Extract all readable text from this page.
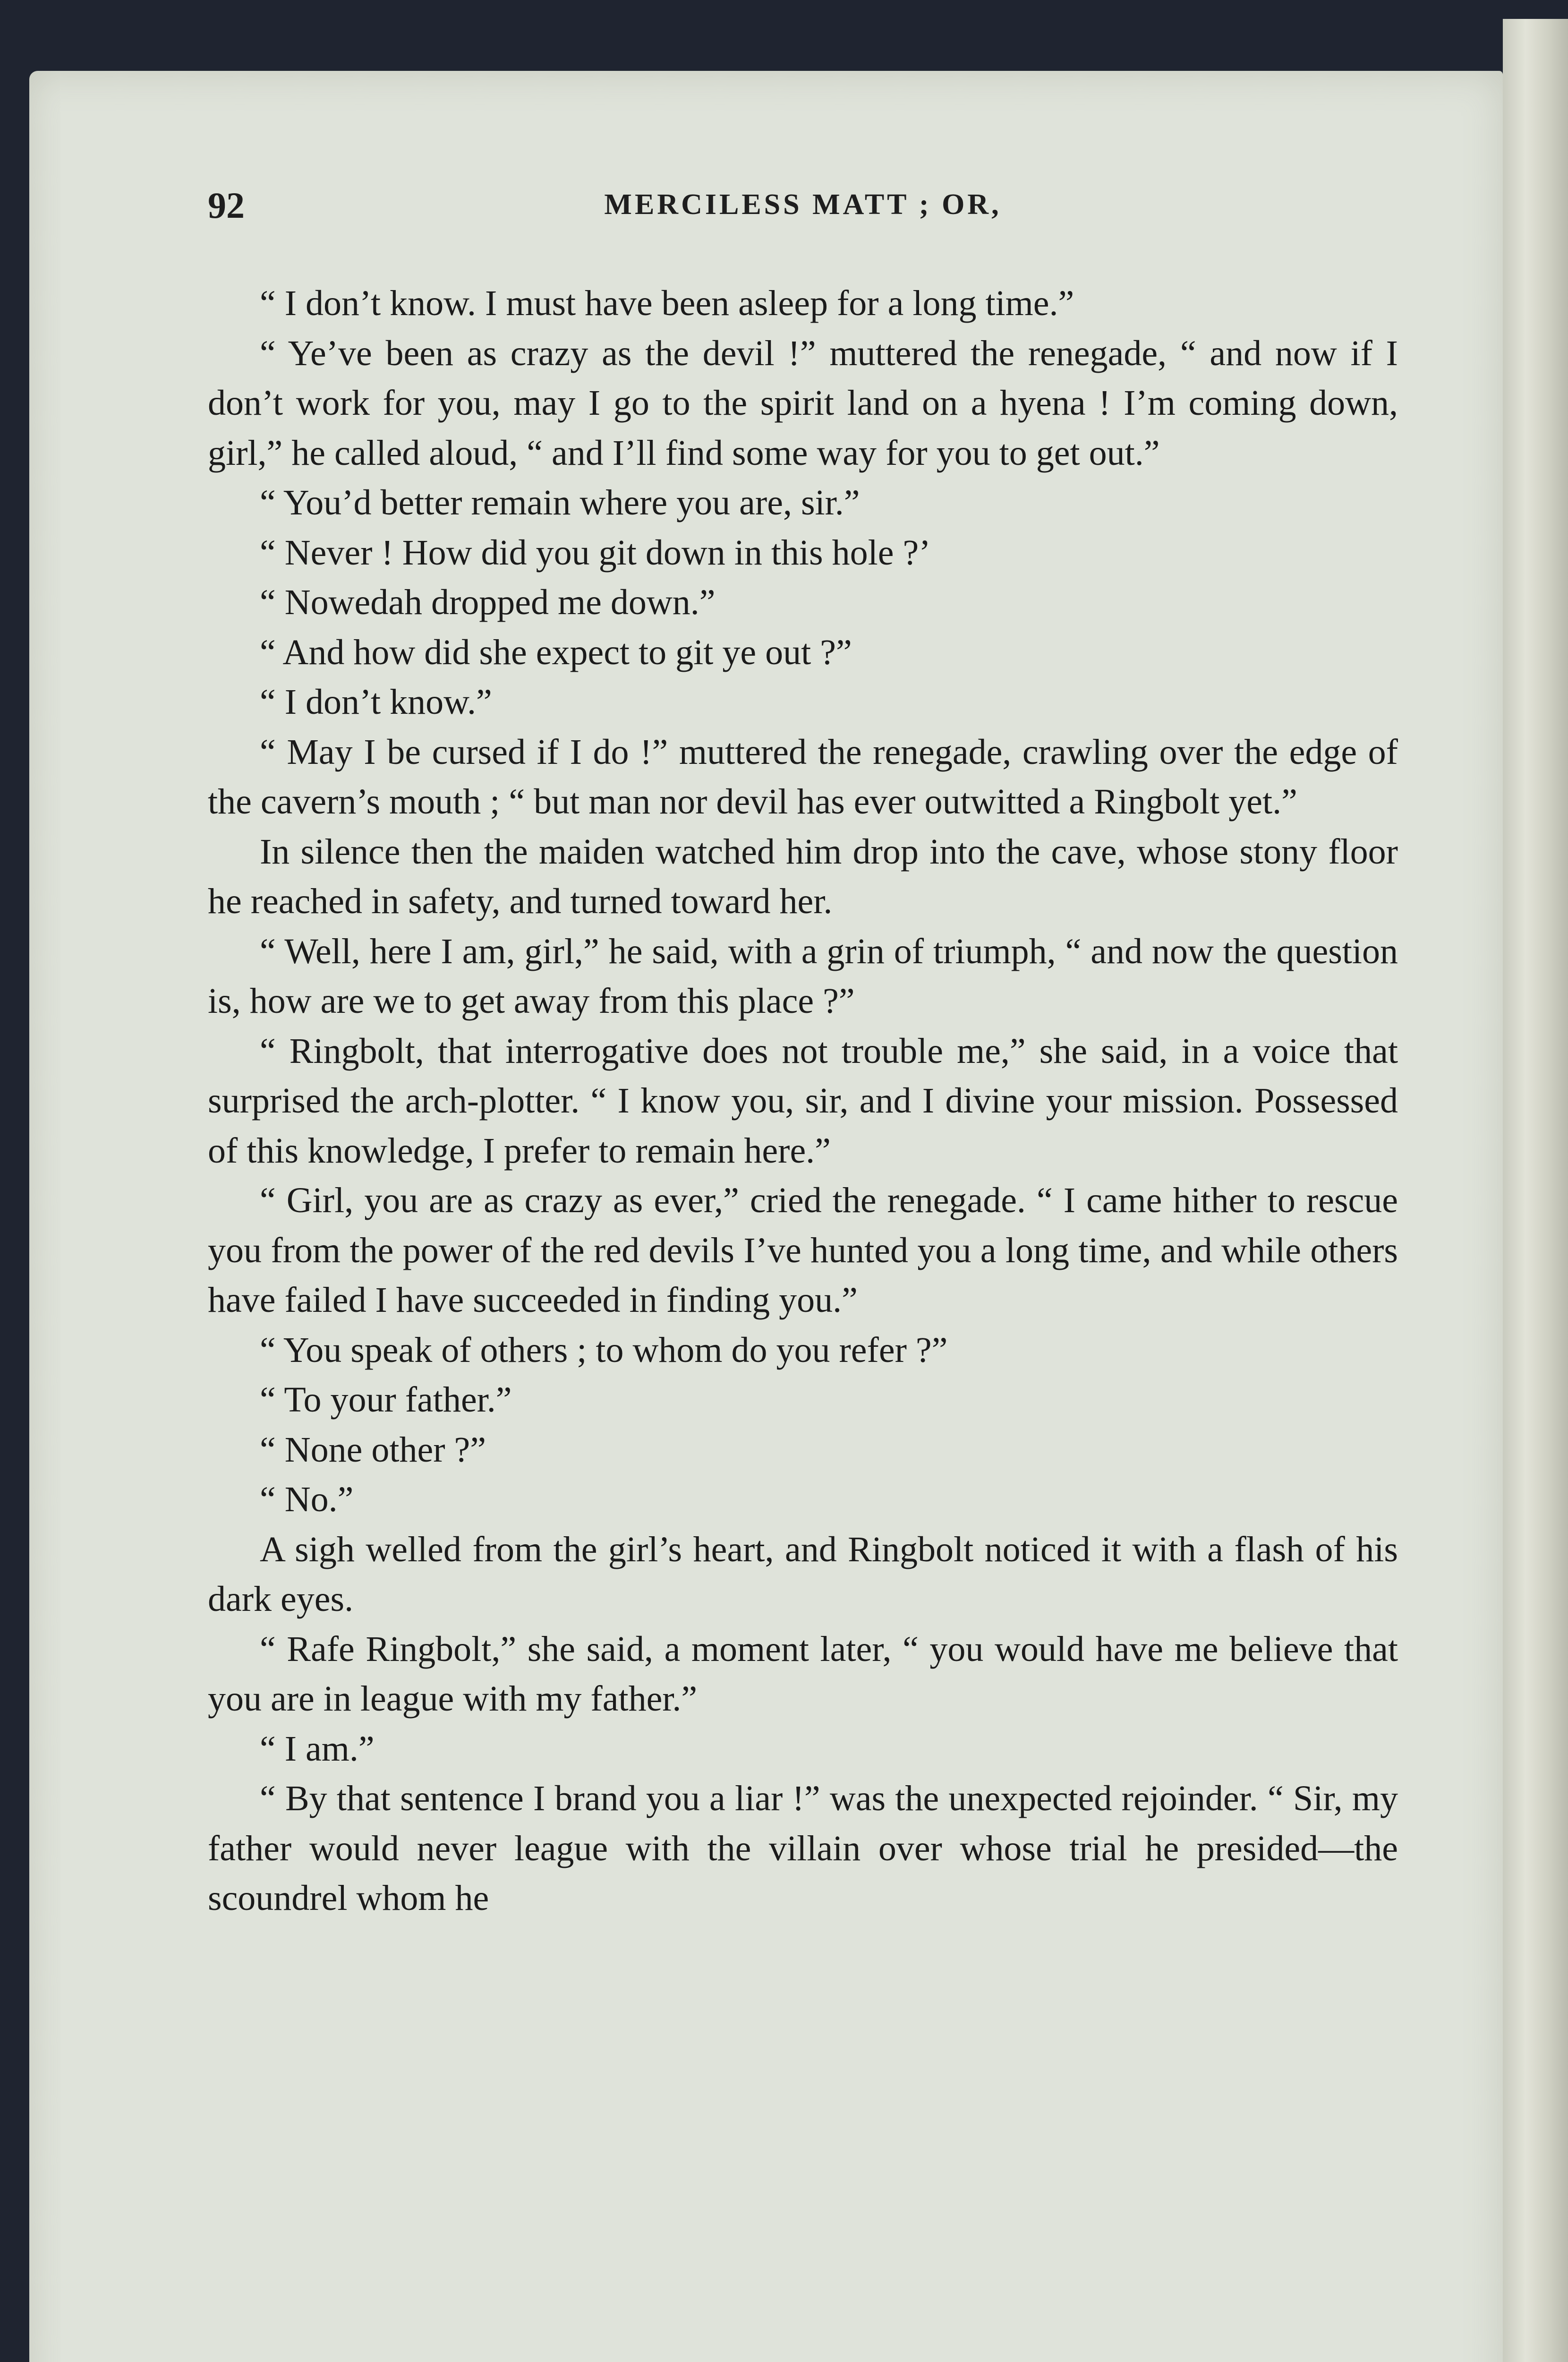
92	MERCILESS MATT ; OR,

“ I don’t know. I must have been asleep for a long time.”

“ Ye’ve been as crazy as the devil !” muttered the renegade, “ and now if I don’t work for you, may I go to the spirit land on a hyena ! I’m coming down, girl,” he called aloud, “ and I’ll find some way for you to get out.”

“ You’d better remain where you are, sir.”

“ Never ! How did you git down in this hole ?’

“ Nowedah dropped me down.”

“ And how did she expect to git ye out ?”

“ I don’t know.”

“ May I be cursed if I do !” muttered the renegade, crawling over the edge of the cavern’s mouth ; “ but man nor devil has ever outwitted a Ringbolt yet.”

In silence then the maiden watched him drop into the cave, whose stony floor he reached in safety, and turned toward her.

“ Well, here I am, girl,” he said, with a grin of triumph, “ and now the question is, how are we to get away from this place ?”

“ Ringbolt, that interrogative does not trouble me,” she said, in a voice that surprised the arch-plotter. “ I know you, sir, and I divine your mission. Possessed of this knowledge, I prefer to remain here.”

“ Girl, you are as crazy as ever,” cried the renegade. “ I came hither to rescue you from the power of the red devils I’ve hunted you a long time, and while others have failed I have succeeded in finding you.”

“ You speak of others ; to whom do you refer ?”

“ To your father.”

“ None other ?”

“ No.”

A sigh welled from the girl’s heart, and Ringbolt noticed it with a flash of his dark eyes.

“ Rafe Ringbolt,” she said, a moment later, “ you would have me believe that you are in league with my father.”

“ I am.”

“ By that sentence I brand you a liar !” was the unexpected rejoinder. “ Sir, my father would never league with the villain over whose trial he presided—the scoundrel whom he
